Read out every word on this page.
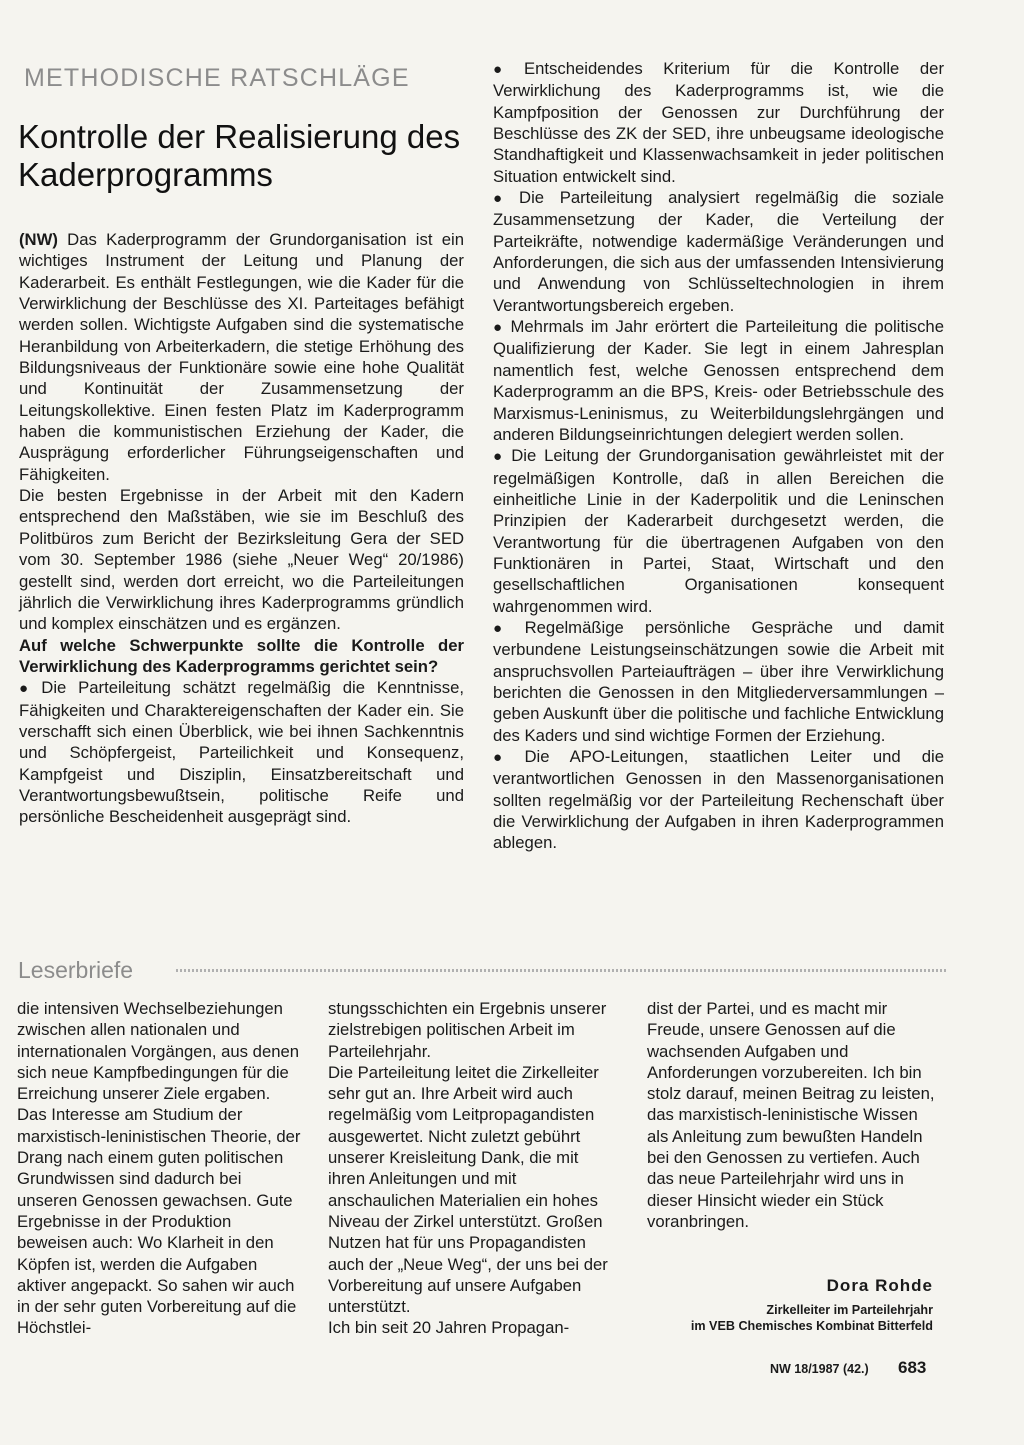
METHODISCHE RATSCHLÄGE
Kontrolle der Realisierung des Kaderprogramms

(NW) Das Kaderprogramm der Grundorganisation ist ein wichtiges Instrument der Leitung und Planung der Kaderarbeit. Es enthält Festlegungen, wie die Kader für die Verwirklichung der Beschlüsse des XI. Parteitages befähigt werden sollen. Wichtigste Aufgaben sind die systematische Heranbildung von Arbeiterkadern, die stetige Erhöhung des Bildungsniveaus der Funktionäre sowie eine hohe Qualität und Kontinuität der Zusammensetzung der Leitungskollektive. Einen festen Platz im Kaderprogramm haben die kommunistischen Erziehung der Kader, die Ausprägung erforderlicher Führungseigenschaften und Fähigkeiten.

Die besten Ergebnisse in der Arbeit mit den Kadern entsprechend den Maßstäben, wie sie im Beschluß des Politbüros zum Bericht der Bezirksleitung Gera der SED vom 30. September 1986 (siehe „Neuer Weg“ 20/1986) gestellt sind, werden dort erreicht, wo die Parteileitungen jährlich die Verwirklichung ihres Kaderprogramms gründlich und komplex einschätzen und es ergänzen.

Auf welche Schwerpunkte sollte die Kontrolle der Verwirklichung des Kaderprogramms gerichtet sein?

● Die Parteileitung schätzt regelmäßig die Kenntnisse, Fähigkeiten und Charaktereigenschaften der Kader ein. Sie verschafft sich einen Überblick, wie bei ihnen Sachkenntnis und Schöpfergeist, Parteilichkeit und Konsequenz, Kampfgeist und Disziplin, Einsatzbereitschaft und Verantwortungsbewußtsein, politische Reife und persönliche Bescheidenheit ausgeprägt sind.

● Entscheidendes Kriterium für die Kontrolle der Verwirklichung des Kaderprogramms ist, wie die Kampfposition der Genossen zur Durchführung der Beschlüsse des ZK der SED, ihre unbeugsame ideologische Standhaftigkeit und Klassenwachsamkeit in jeder politischen Situation entwickelt sind.

● Die Parteileitung analysiert regelmäßig die soziale Zusammensetzung der Kader, die Verteilung der Parteikräfte, notwendige kadermäßige Veränderungen und Anforderungen, die sich aus der umfassenden Intensivierung und Anwendung von Schlüsseltechnologien in ihrem Verantwortungsbereich ergeben.

● Mehrmals im Jahr erörtert die Parteileitung die politische Qualifizierung der Kader. Sie legt in einem Jahresplan namentlich fest, welche Genossen entsprechend dem Kaderprogramm an die BPS, Kreis- oder Betriebsschule des Marxismus-Leninismus, zu Weiterbildungslehrgängen und anderen Bildungseinrichtungen delegiert werden sollen.

● Die Leitung der Grundorganisation gewährleistet mit der regelmäßigen Kontrolle, daß in allen Bereichen die einheitliche Linie in der Kaderpolitik und die Leninschen Prinzipien der Kaderarbeit durchgesetzt werden, die Verantwortung für die übertragenen Aufgaben von den Funktionären in Partei, Staat, Wirtschaft und den gesellschaftlichen Organisationen konsequent wahrgenommen wird.

● Regelmäßige persönliche Gespräche und damit verbundene Leistungseinschätzungen sowie die Arbeit mit anspruchsvollen Parteiaufträgen – über ihre Verwirklichung berichten die Genossen in den Mitgliederversammlungen – geben Auskunft über die politische und fachliche Entwicklung des Kaders und sind wichtige Formen der Erziehung.

● Die APO-Leitungen, staatlichen Leiter und die verantwortlichen Genossen in den Massenorganisationen sollten regelmäßig vor der Parteileitung Rechenschaft über die Verwirklichung der Aufgaben in ihren Kaderprogrammen ablegen.

Leserbriefe

die intensiven Wechselbeziehungen zwischen allen nationalen und internationalen Vorgängen, aus denen sich neue Kampfbedingungen für die Erreichung unserer Ziele ergaben. Das Interesse am Studium der marxistisch-leninistischen Theorie, der Drang nach einem guten politischen Grundwissen sind dadurch bei unseren Genossen gewachsen. Gute Ergebnisse in der Produktion beweisen auch: Wo Klarheit in den Köpfen ist, werden die Aufgaben aktiver angepackt. So sahen wir auch in der sehr guten Vorbereitung auf die Höchstlei-

stungsschichten ein Ergebnis unserer zielstrebigen politischen Arbeit im Parteilehrjahr.

Die Parteileitung leitet die Zirkelleiter sehr gut an. Ihre Arbeit wird auch regelmäßig vom Leitpropagandisten ausgewertet. Nicht zuletzt gebührt unserer Kreisleitung Dank, die mit ihren Anleitungen und mit anschaulichen Materialien ein hohes Niveau der Zirkel unterstützt. Großen Nutzen hat für uns Propagandisten auch der „Neue Weg“, der uns bei der Vorbereitung auf unsere Aufgaben unterstützt.

Ich bin seit 20 Jahren Propagan-

dist der Partei, und es macht mir Freude, unsere Genossen auf die wachsenden Aufgaben und Anforderungen vorzubereiten. Ich bin stolz darauf, meinen Beitrag zu leisten, das marxistisch-leninistische Wissen als Anleitung zum bewußten Handeln bei den Genossen zu vertiefen. Auch das neue Parteilehrjahr wird uns in dieser Hinsicht wieder ein Stück voranbringen.

Dora Rohde
Zirkelleiter im Parteilehrjahr
im VEB Chemisches Kombinat Bitterfeld
NW 18/1987 (42.) 683
